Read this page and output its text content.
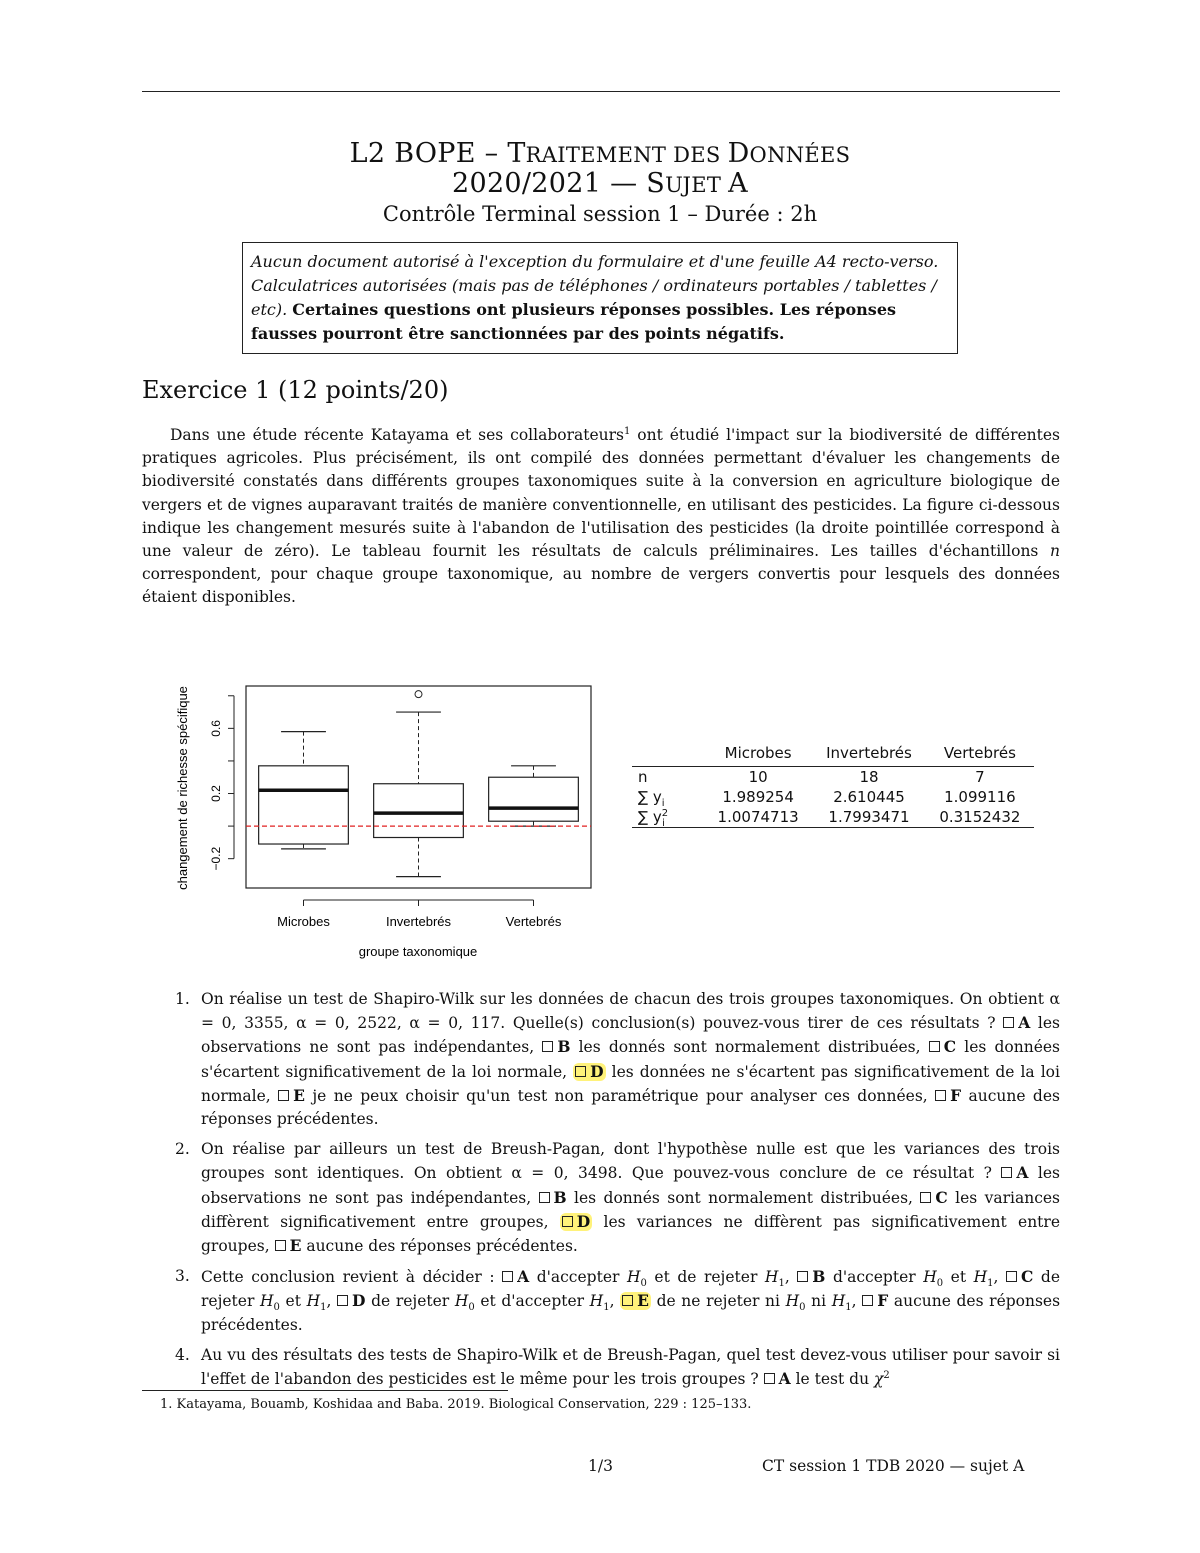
L2 BOPE – TRAITEMENT DES DONNÉES
2020/2021 — SUJET A
Contrôle Terminal session 1 – Durée : 2h
Aucun document autorisé à l'exception du formulaire et d'une feuille A4 recto-verso. Calculatrices autorisées (mais pas de téléphones / ordinateurs portables / tablettes / etc). Certaines questions ont plusieurs réponses possibles. Les réponses fausses pourront être sanctionnées par des points négatifs.
Exercice 1 (12 points/20)
Dans une étude récente Katayama et ses collaborateurs$^1$ ont étudié l'impact sur la biodiversité de différentes pratiques agricoles. Plus précisément, ils ont compilé des données permettant d'évaluer les changements de biodiversité constatés dans différents groupes taxonomiques suite à la conversion en agriculture biologique de vergers et de vignes auparavant traités de manière conventionnelle, en utilisant des pesticides. La figure ci-dessous indique les changement mesurés suite à l'abandon de l'utilisation des pesticides (la droite pointillée correspond à une valeur de zéro). Le tableau fournit les résultats de calculs préliminaires. Les tailles d'échantillons n correspondent, pour chaque groupe taxonomique, au nombre de vergers convertis pour lesquels des données étaient disponibles.
−0.2
0.2
0.6
Microbes	Invertebrés	Vertebrés
changement de richesse spécifique
groupe taxonomique
	Microbes	Invertebrés	Vertebrés
n	10	18	7
∑ $y_i$	1.989254	2.610445	1.099116
∑ $y^2_i$	1.0074713	1.7993471	0.3152432
1. On réalise un test de Shapiro-Wilk sur les données de chacun des trois groupes taxonomiques. On obtient α = 0, 3355, α = 0, 2522, α = 0, 117. Quelle(s) conclusion(s) pouvez-vous tirer de ces résultats ? A les observations ne sont pas indépendantes, B les donnés sont normalement distribuées, C les données s'écartent significativement de la loi normale, D les données ne s'écartent pas significativement de la loi normale, E je ne peux choisir qu'un test non paramétrique pour analyser ces données, F aucune des réponses précédentes.
2. On réalise par ailleurs un test de Breush-Pagan, dont l'hypothèse nulle est que les variances des trois groupes sont identiques. On obtient α = 0, 3498. Que pouvez-vous conclure de ce résultat ? A les observations ne sont pas indépendantes, B les donnés sont normalement distribuées, C les variances diffèrent significativement entre groupes, D les variances ne diffèrent pas significativement entre groupes, E aucune des réponses précédentes.
3. Cette conclusion revient à décider : A d'accepter $H_0$ et de rejeter $H_1$, B d'accepter $H_0$ et $H_1$, C de rejeter $H_0$ et $H_1$, D de rejeter $H_0$ et d'accepter $H_1$, E de ne rejeter ni $H_0$ ni $H_1$, F aucune des réponses précédentes.
4. Au vu des résultats des tests de Shapiro-Wilk et de Breush-Pagan, quel test devez-vous utiliser pour savoir si l'effet de l'abandon des pesticides est le même pour les trois groupes ? A le test du $\chi^2$
1. Katayama, Bouamb, Koshidaa and Baba. 2019. Biological Conservation, 229 : 125–133.
1/3	CT session 1 TDB 2020 — sujet A
